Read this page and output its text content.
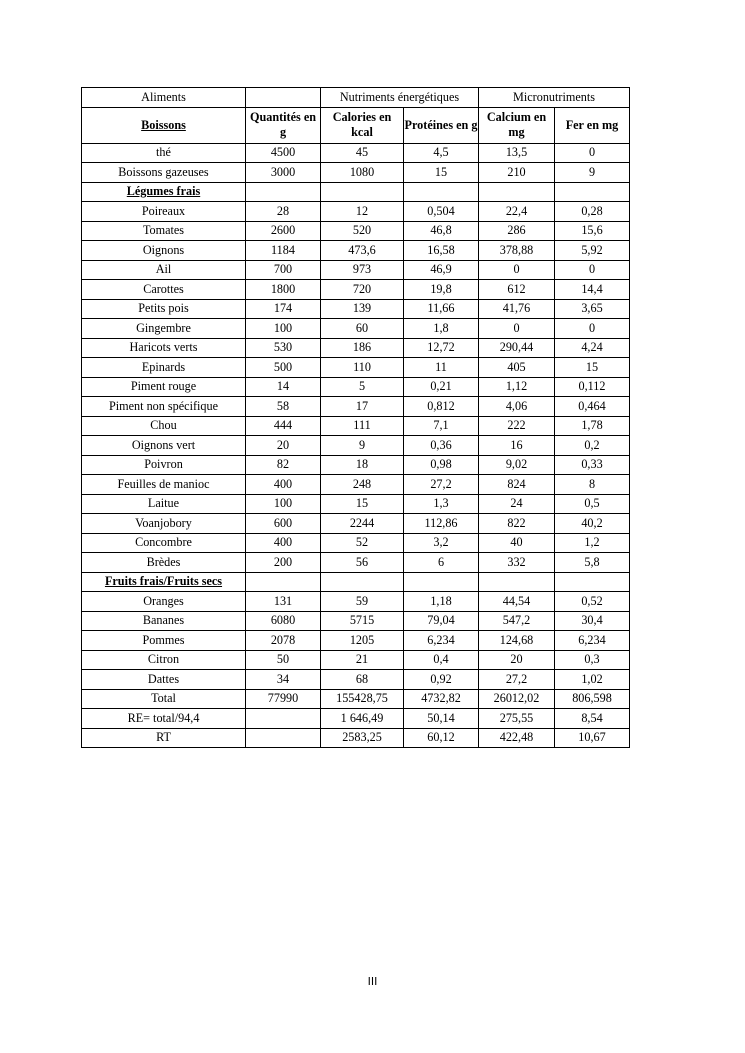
Aliments		Nutriments énergétiques		Micronutriments	
Boissons	Quantités en g	Calories en kcal	Protéines en g	Calcium en mg	Fer en mg
thé	4500	45	4,5	13,5	0
Boissons gazeuses	3000	1080	15	210	9
Légumes frais					
Poireaux	28	12	0,504	22,4	0,28
Tomates	2600	520	46,8	286	15,6
Oignons	1184	473,6	16,58	378,88	5,92
Ail	700	973	46,9	0	0
Carottes	1800	720	19,8	612	14,4
Petits pois	174	139	11,66	41,76	3,65
Gingembre	100	60	1,8	0	0
Haricots verts	530	186	12,72	290,44	4,24
Epinards	500	110	11	405	15
Piment rouge	14	5	0,21	1,12	0,112
Piment non spécifique	58	17	0,812	4,06	0,464
Chou	444	111	7,1	222	1,78
Oignons vert	20	9	0,36	16	0,2
Poivron	82	18	0,98	9,02	0,33
Feuilles de manioc	400	248	27,2	824	8
Laitue	100	15	1,3	24	0,5
Voanjobory	600	2244	112,86	822	40,2
Concombre	400	52	3,2	40	1,2
Brèdes	200	56	6	332	5,8
Fruits frais/Fruits secs					
Oranges	131	59	1,18	44,54	0,52
Bananes	6080	5715	79,04	547,2	30,4
Pommes	2078	1205	6,234	124,68	6,234
Citron	50	21	0,4	20	0,3
Dattes	34	68	0,92	27,2	1,02
Total	77990	155428,75	4732,82	26012,02	806,598
RE= total/94,4		1 646,49	50,14	275,55	8,54
RT		2583,25	60,12	422,48	10,67
III
